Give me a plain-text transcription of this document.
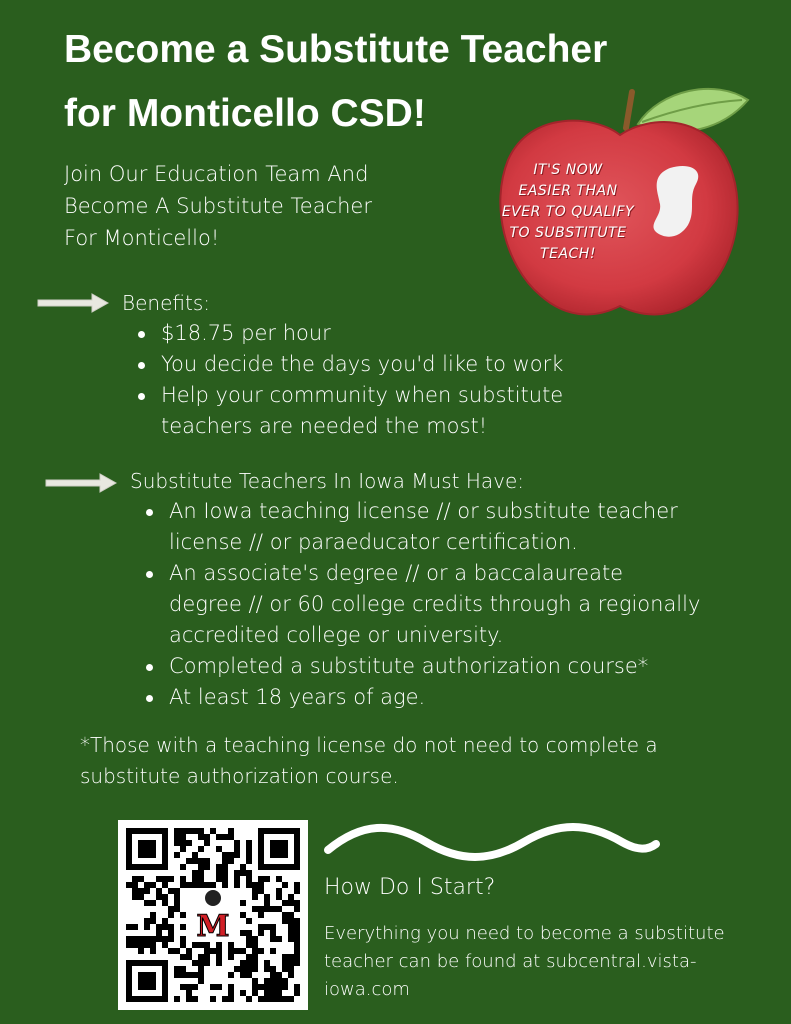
Become a Substitute Teacher
for Monticello CSD!
Join Our Education Team And
Become A Substitute Teacher
For Monticello!
IT'S NOW
EASIER THAN
EVER TO QUALIFY
TO SUBSTITUTE
TEACH!
Benefits:
$18.75 per hour
You decide the days you'd like to work
Help your community when substitute teachers are needed the most!
Substitute Teachers In Iowa Must Have:
An Iowa teaching license // or substitute teacher license // or paraeducator certification.
An associate's degree // or a baccalaureate degree // or 60 college credits through a regionally accredited college or university.
Completed a substitute authorization course*
At least 18 years of age.
*Those with a teaching license do not need to complete a substitute authorization course.
M
How Do I Start?
Everything you need to become a substitute teacher can be found at subcentral.vista-iowa.com
